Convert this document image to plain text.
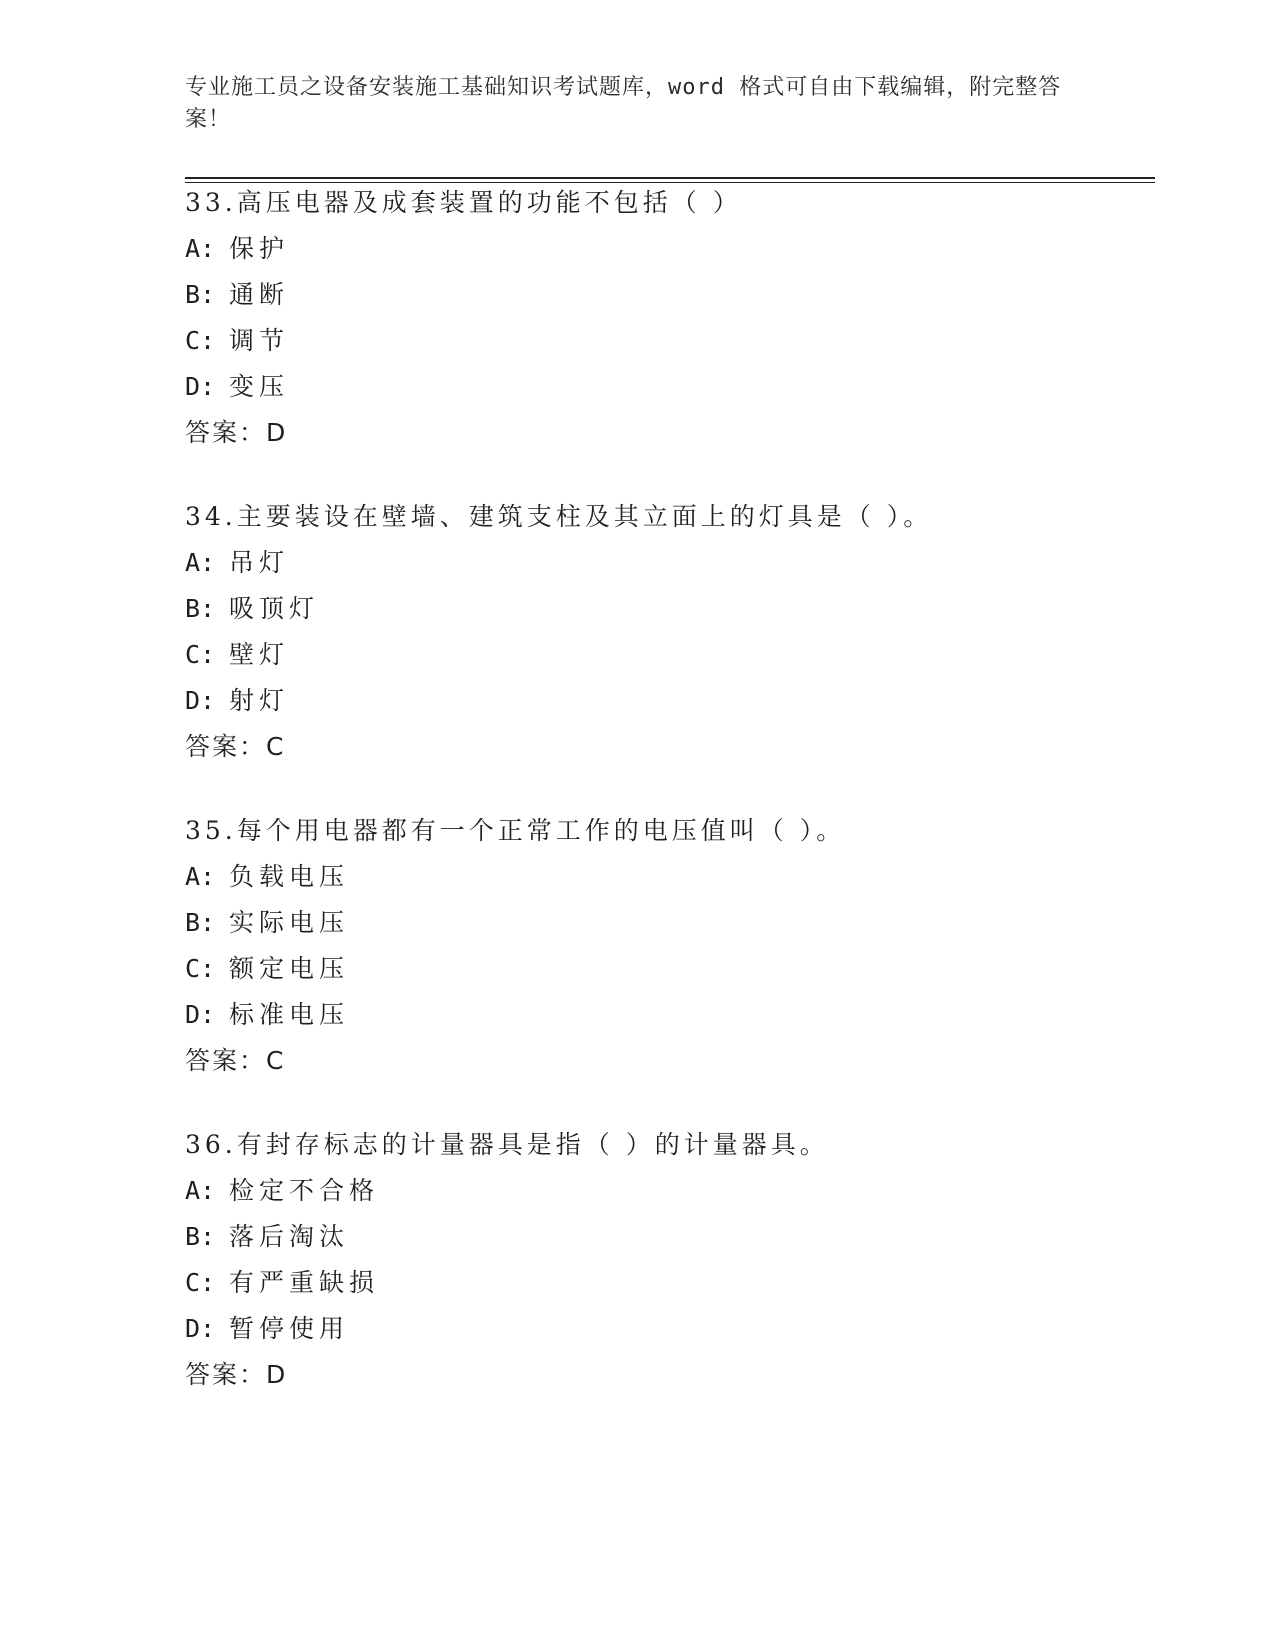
专业施工员之设备安装施工基础知识考试题库，word 格式可自由下载编辑，附完整答案！
33.高压电器及成套装置的功能不包括（ ）
A: 保护
B: 通断
C: 调节
D: 变压
答案：D
34.主要装设在壁墙、建筑支柱及其立面上的灯具是（ ）。
A: 吊灯
B: 吸顶灯
C: 壁灯
D: 射灯
答案：C
35.每个用电器都有一个正常工作的电压值叫（ ）。
A: 负载电压
B: 实际电压
C: 额定电压
D: 标准电压
答案：C
36.有封存标志的计量器具是指（ ）的计量器具。
A: 检定不合格
B: 落后淘汰
C: 有严重缺损
D: 暂停使用
答案：D
